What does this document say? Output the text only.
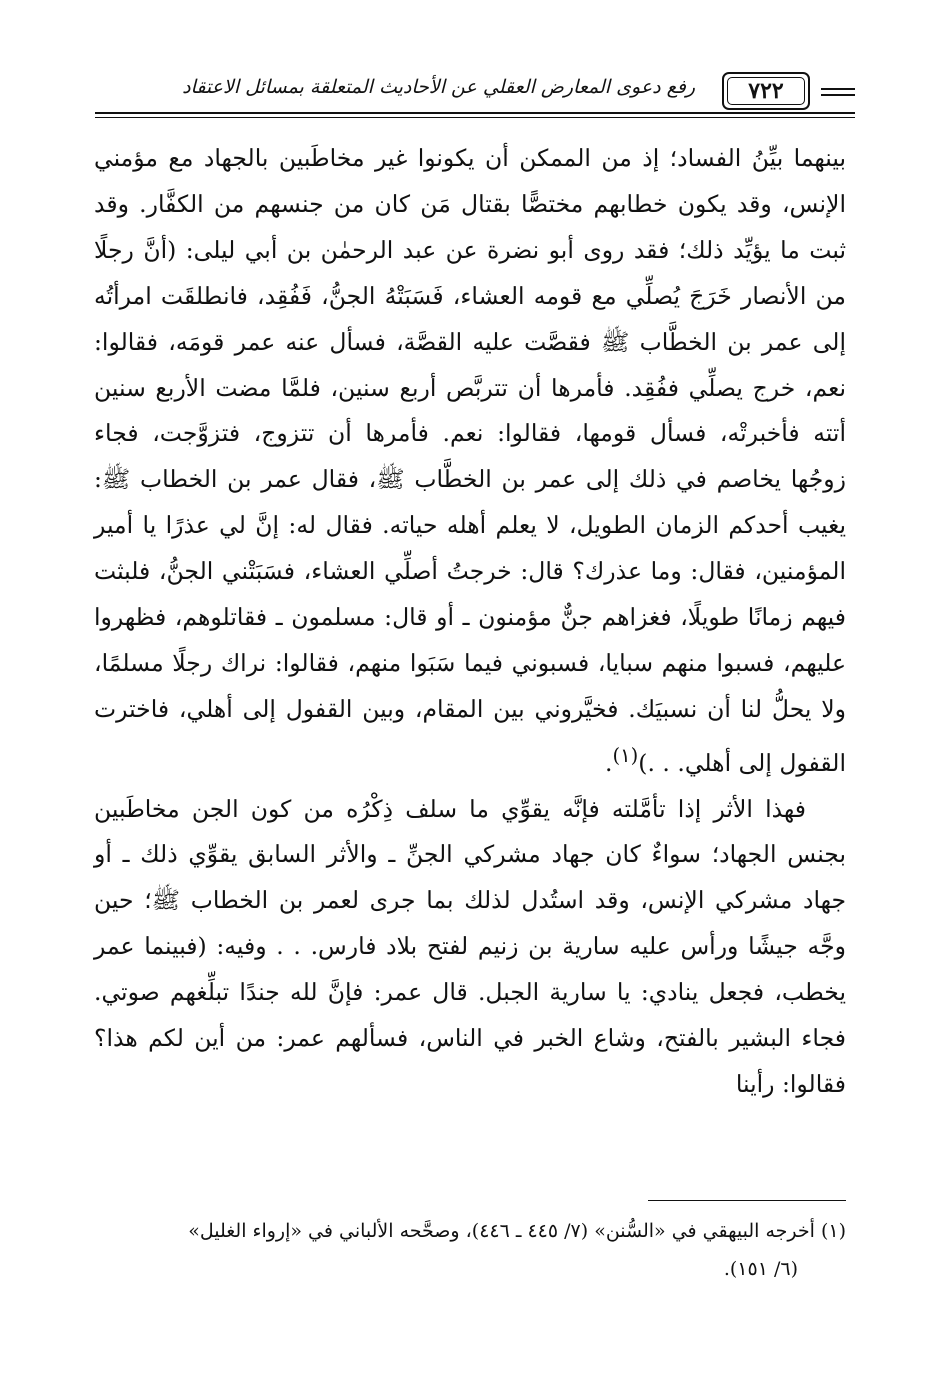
رفع دعوى المعارض العقلي عن الأحاديث المتعلقة بمسائل الاعتقاد ٧٢٢

بينهما بيِّنُ الفساد؛ إذ من الممكن أن يكونوا غير مخاطَبين بالجهاد مع مؤمني الإنس، وقد يكون خطابهم مختصًّا بقتال مَن كان من جنسهم من الكفَّار. وقد ثبت ما يؤيِّد ذلك؛ فقد روى أبو نضرة عن عبد الرحمٰن بن أبي ليلى: (أنَّ رجلًا من الأنصار خَرَجَ يُصلِّي مع قومه العشاء، فَسَبَتْهُ الجنُّ، فَفُقِد، فانطلقَت امرأتُه إلى عمر بن الخطَّاب ﷺ فقصَّت عليه القصَّة، فسأل عنه عمر قومَه، فقالوا: نعم، خرج يصلِّي ففُقِد. فأمرها أن تتربَّص أربع سنين، فلمَّا مضت الأربع سنين أتته فأخبرتْه، فسأل قومها، فقالوا: نعم. فأمرها أن تتزوج، فتزوَّجت، فجاء زوجُها يخاصم في ذلك إلى عمر بن الخطَّاب ﷺ، فقال عمر بن الخطاب ﷺ: يغيب أحدكم الزمان الطويل، لا يعلم أهله حياته. فقال له: إنَّ لي عذرًا يا أمير المؤمنين، فقال: وما عذرك؟ قال: خرجتُ أصلِّي العشاء، فسَبَتْني الجنُّ، فلبثت فيهم زمانًا طويلًا، فغزاهم جنٌّ مؤمنون ـ أو قال: مسلمون ـ فقاتلوهم، فظهروا عليهم، فسبوا منهم سبايا، فسبوني فيما سَبَوا منهم، فقالوا: نراك رجلًا مسلمًا، ولا يحلُّ لنا أن نسبيَك. فخيَّروني بين المقام، وبين القفول إلى أهلي، فاخترت القفول إلى أهلي. . .)$^{(١)}$.

فهذا الأثر إذا تأمَّلته فإنَّه يقوِّي ما سلف ذِكْرُه من كون الجن مخاطَبين بجنس الجهاد؛ سواءٌ كان جهاد مشركي الجنِّ ـ والأثر السابق يقوِّي ذلك ـ أو جهاد مشركي الإنس، وقد استُدل لذلك بما جرى لعمر بن الخطاب ﷺ؛ حين وجَّه جيشًا ورأس عليه سارية بن زنيم لفتح بلاد فارس. . . وفيه: (فبينما عمر يخطب، فجعل ينادي: يا سارية الجبل. قال عمر: فإنَّ لله جندًا تبلِّغهم صوتي. فجاء البشير بالفتح، وشاع الخبر في الناس، فسألهم عمر: من أين لكم هذا؟ فقالوا: رأينا

(١) أخرجه البيهقي في «السُّنن» (٧/ ٤٤٥ ـ ٤٤٦)، وصحَّحه الألباني في «إرواء الغليل»
(٦/ ١٥١).
